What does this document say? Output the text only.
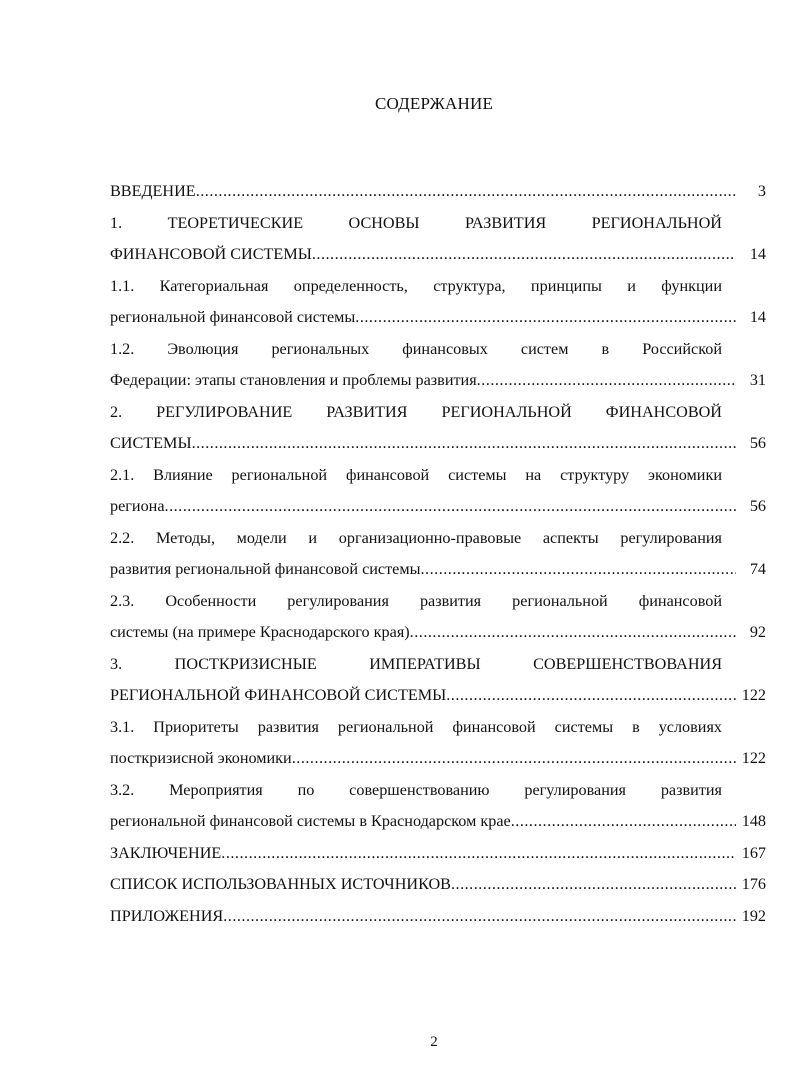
СОДЕРЖАНИЕ
ВВЕДЕНИЕ .....	3
1. ТЕОРЕТИЧЕСКИЕ ОСНОВЫ РАЗВИТИЯ РЕГИОНАЛЬНОЙ
ФИНАНСОВОЙ СИСТЕМЫ .....	14
1.1. Категориальная определенность, структура, принципы и функции
региональной финансовой системы .....	14
1.2. Эволюция региональных финансовых систем в Российской
Федерации: этапы становления и проблемы развития .....	31
2. РЕГУЛИРОВАНИЕ РАЗВИТИЯ РЕГИОНАЛЬНОЙ ФИНАНСОВОЙ
СИСТЕМЫ .....	56
2.1. Влияние региональной финансовой системы на структуру экономики
региона .....	56
2.2. Методы, модели и организационно-правовые аспекты регулирования
развития региональной финансовой системы .....	74
2.3. Особенности регулирования развития региональной финансовой
системы (на примере Краснодарского края) .....	92
3. ПОСТКРИЗИСНЫЕ ИМПЕРАТИВЫ СОВЕРШЕНСТВОВАНИЯ
РЕГИОНАЛЬНОЙ ФИНАНСОВОЙ СИСТЕМЫ .....	122
3.1. Приоритеты развития региональной финансовой системы в условиях
посткризисной экономики .....	122
3.2. Мероприятия по совершенствованию регулирования развития
региональной финансовой системы в Краснодарском крае .....	148
ЗАКЛЮЧЕНИЕ .....	167
СПИСОК ИСПОЛЬЗОВАННЫХ ИСТОЧНИКОВ .....	176
ПРИЛОЖЕНИЯ .....	192
2
